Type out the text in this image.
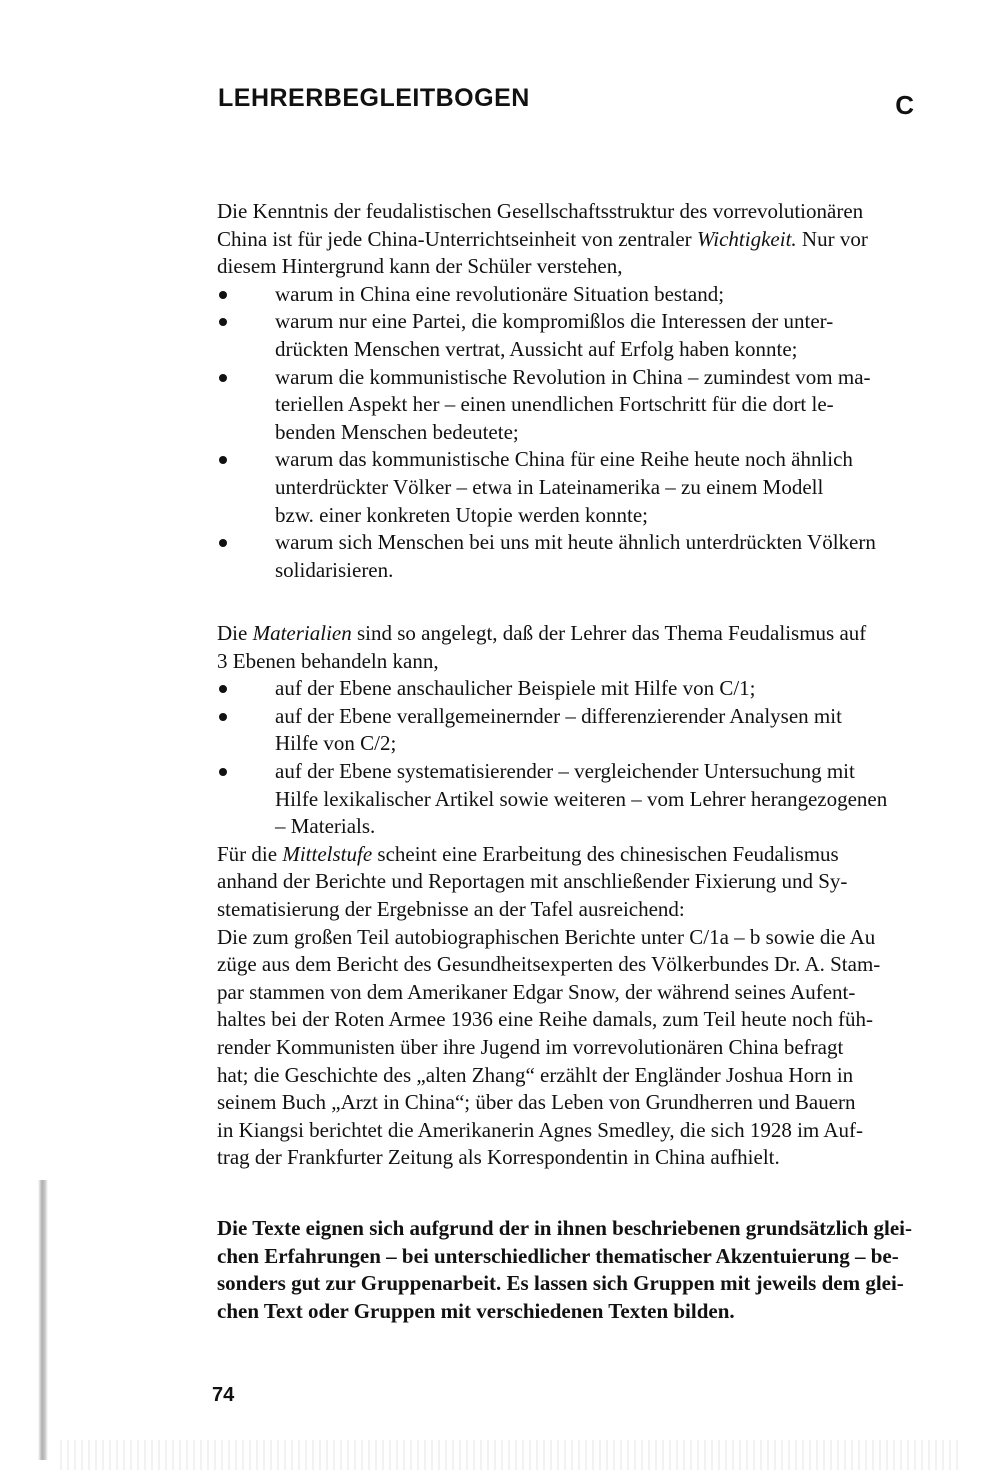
LEHRERBEGLEITBOGEN	C
Die Kenntnis der feudalistischen Gesellschaftsstruktur des vorrevolutionären
China ist für jede China-Unterrichtseinheit von zentraler Wichtigkeit. Nur vor
diesem Hintergrund kann der Schüler verstehen,
warum in China eine revolutionäre Situation bestand;
warum nur eine Partei, die kompromißlos die Interessen der unter-
drückten Menschen vertrat, Aussicht auf Erfolg haben konnte;
warum die kommunistische Revolution in China – zumindest vom ma-
teriellen Aspekt her – einen unendlichen Fortschritt für die dort le-
benden Menschen bedeutete;
warum das kommunistische China für eine Reihe heute noch ähnlich
unterdrückter Völker – etwa in Lateinamerika – zu einem Modell
bzw. einer konkreten Utopie werden konnte;
warum sich Menschen bei uns mit heute ähnlich unterdrückten Völkern
solidarisieren.
Die Materialien sind so angelegt, daß der Lehrer das Thema Feudalismus auf
3 Ebenen behandeln kann,
auf der Ebene anschaulicher Beispiele mit Hilfe von C/1;
auf der Ebene verallgemeinernder – differenzierender Analysen mit
Hilfe von C/2;
auf der Ebene systematisierender – vergleichender Untersuchung mit
Hilfe lexikalischer Artikel sowie weiteren – vom Lehrer herangezogenen
– Materials.
Für die Mittelstufe scheint eine Erarbeitung des chinesischen Feudalismus
anhand der Berichte und Reportagen mit anschließender Fixierung und Sy-
stematisierung der Ergebnisse an der Tafel ausreichend:
Die zum großen Teil autobiographischen Berichte unter C/1a – b sowie die Au
züge aus dem Bericht des Gesundheitsexperten des Völkerbundes Dr. A. Stam-
par stammen von dem Amerikaner Edgar Snow, der während seines Aufent-
haltes bei der Roten Armee 1936 eine Reihe damals, zum Teil heute noch füh-
render Kommunisten über ihre Jugend im vorrevolutionären China befragt
hat; die Geschichte des „alten Zhang“ erzählt der Engländer Joshua Horn in
seinem Buch „Arzt in China“; über das Leben von Grundherren und Bauern
in Kiangsi berichtet die Amerikanerin Agnes Smedley, die sich 1928 im Auf-
trag der Frankfurter Zeitung als Korrespondentin in China aufhielt.
Die Texte eignen sich aufgrund der in ihnen beschriebenen grundsätzlich glei-
chen Erfahrungen – bei unterschiedlicher thematischer Akzentuierung – be-
sonders gut zur Gruppenarbeit. Es lassen sich Gruppen mit jeweils dem glei-
chen Text oder Gruppen mit verschiedenen Texten bilden.
74
